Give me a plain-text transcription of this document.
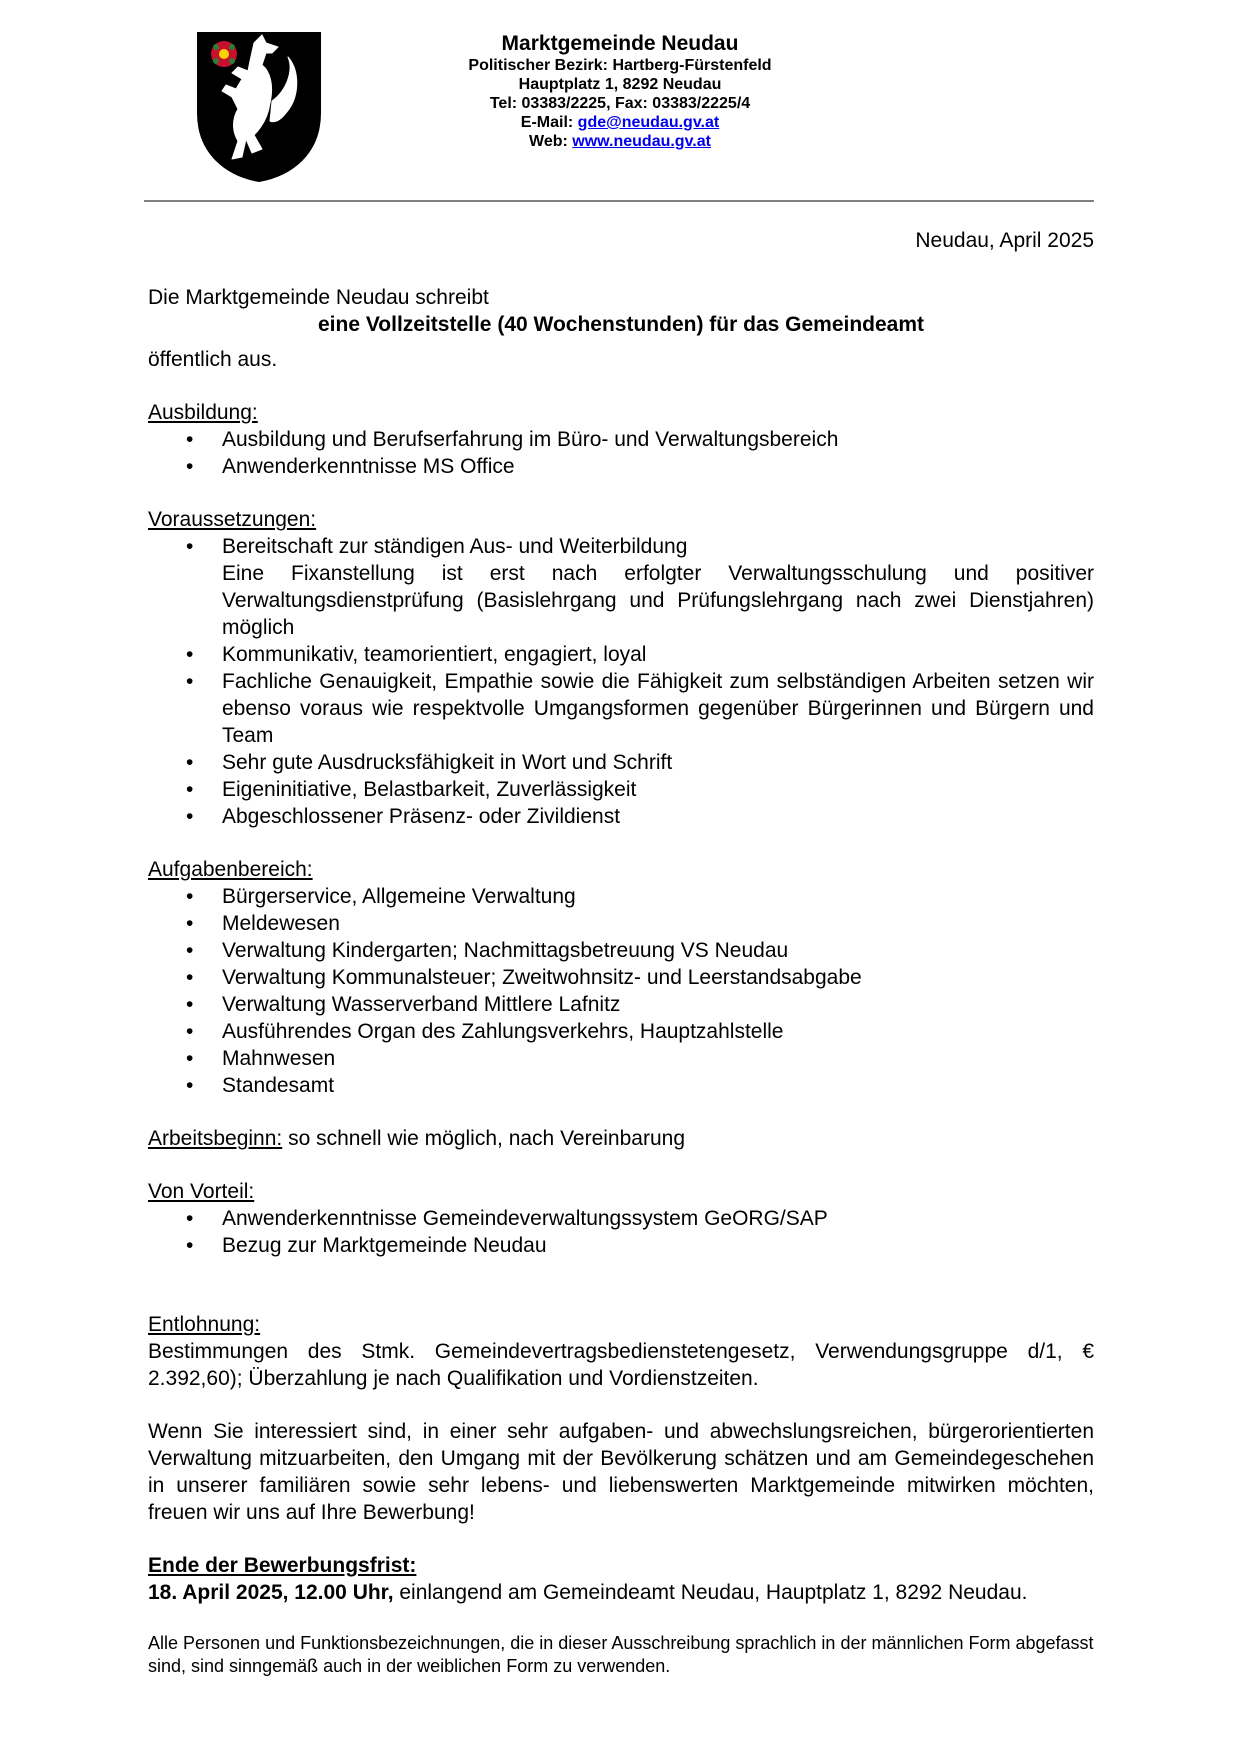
Marktgemeinde Neudau
Politischer Bezirk: Hartberg-Fürstenfeld
Hauptplatz 1, 8292 Neudau
Tel: 03383/2225, Fax: 03383/2225/4
E-Mail: gde@neudau.gv.at
Web: www.neudau.gv.at
Neudau, April 2025

Die Marktgemeinde Neudau schreibt

eine Vollzeitstelle (40 Wochenstunden) für das Gemeindeamt

öffentlich aus.

Ausbildung:
• Ausbildung und Berufserfahrung im Büro- und Verwaltungsbereich
• Anwenderkenntnisse MS Office
Voraussetzungen:
• Bereitschaft zur ständigen Aus- und Weiterbildung
Eine Fixanstellung ist erst nach erfolgter Verwaltungsschulung und positiver Verwaltungsdienstprüfung (Basislehrgang und Prüfungslehrgang nach zwei Dienstjahren) möglich
• Kommunikativ, teamorientiert, engagiert, loyal
• Fachliche Genauigkeit, Empathie sowie die Fähigkeit zum selbständigen Arbeiten setzen wir ebenso voraus wie respektvolle Umgangsformen gegenüber Bürgerinnen und Bürgern und Team
• Sehr gute Ausdrucksfähigkeit in Wort und Schrift
• Eigeninitiative, Belastbarkeit, Zuverlässigkeit
• Abgeschlossener Präsenz- oder Zivildienst
Aufgabenbereich:
• Bürgerservice, Allgemeine Verwaltung
• Meldewesen
• Verwaltung Kindergarten; Nachmittagsbetreuung VS Neudau
• Verwaltung Kommunalsteuer; Zweitwohnsitz- und Leerstandsabgabe
• Verwaltung Wasserverband Mittlere Lafnitz
• Ausführendes Organ des Zahlungsverkehrs, Hauptzahlstelle
• Mahnwesen
• Standesamt

Arbeitsbeginn: so schnell wie möglich, nach Vereinbarung

Von Vorteil:
• Anwenderkenntnisse Gemeindeverwaltungssystem GeORG/SAP
• Bezug zur Marktgemeinde Neudau
Entlohnung:

Bestimmungen des Stmk. Gemeindevertragsbedienstetengesetz, Verwendungsgruppe d/1, € 2.392,60); Überzahlung je nach Qualifikation und Vordienstzeiten.

Wenn Sie interessiert sind, in einer sehr aufgaben- und abwechslungsreichen, bürgerorientierten Verwaltung mitzuarbeiten, den Umgang mit der Bevölkerung schätzen und am Gemeindegeschehen in unserer familiären sowie sehr lebens- und liebenswerten Marktgemeinde mitwirken möchten, freuen wir uns auf Ihre Bewerbung!

Ende der Bewerbungsfrist:

18. April 2025, 12.00 Uhr, einlangend am Gemeindeamt Neudau, Hauptplatz 1, 8292 Neudau.

Alle Personen und Funktionsbezeichnungen, die in dieser Ausschreibung sprachlich in der männlichen Form abgefasst sind, sind sinngemäß auch in der weiblichen Form zu verwenden.
